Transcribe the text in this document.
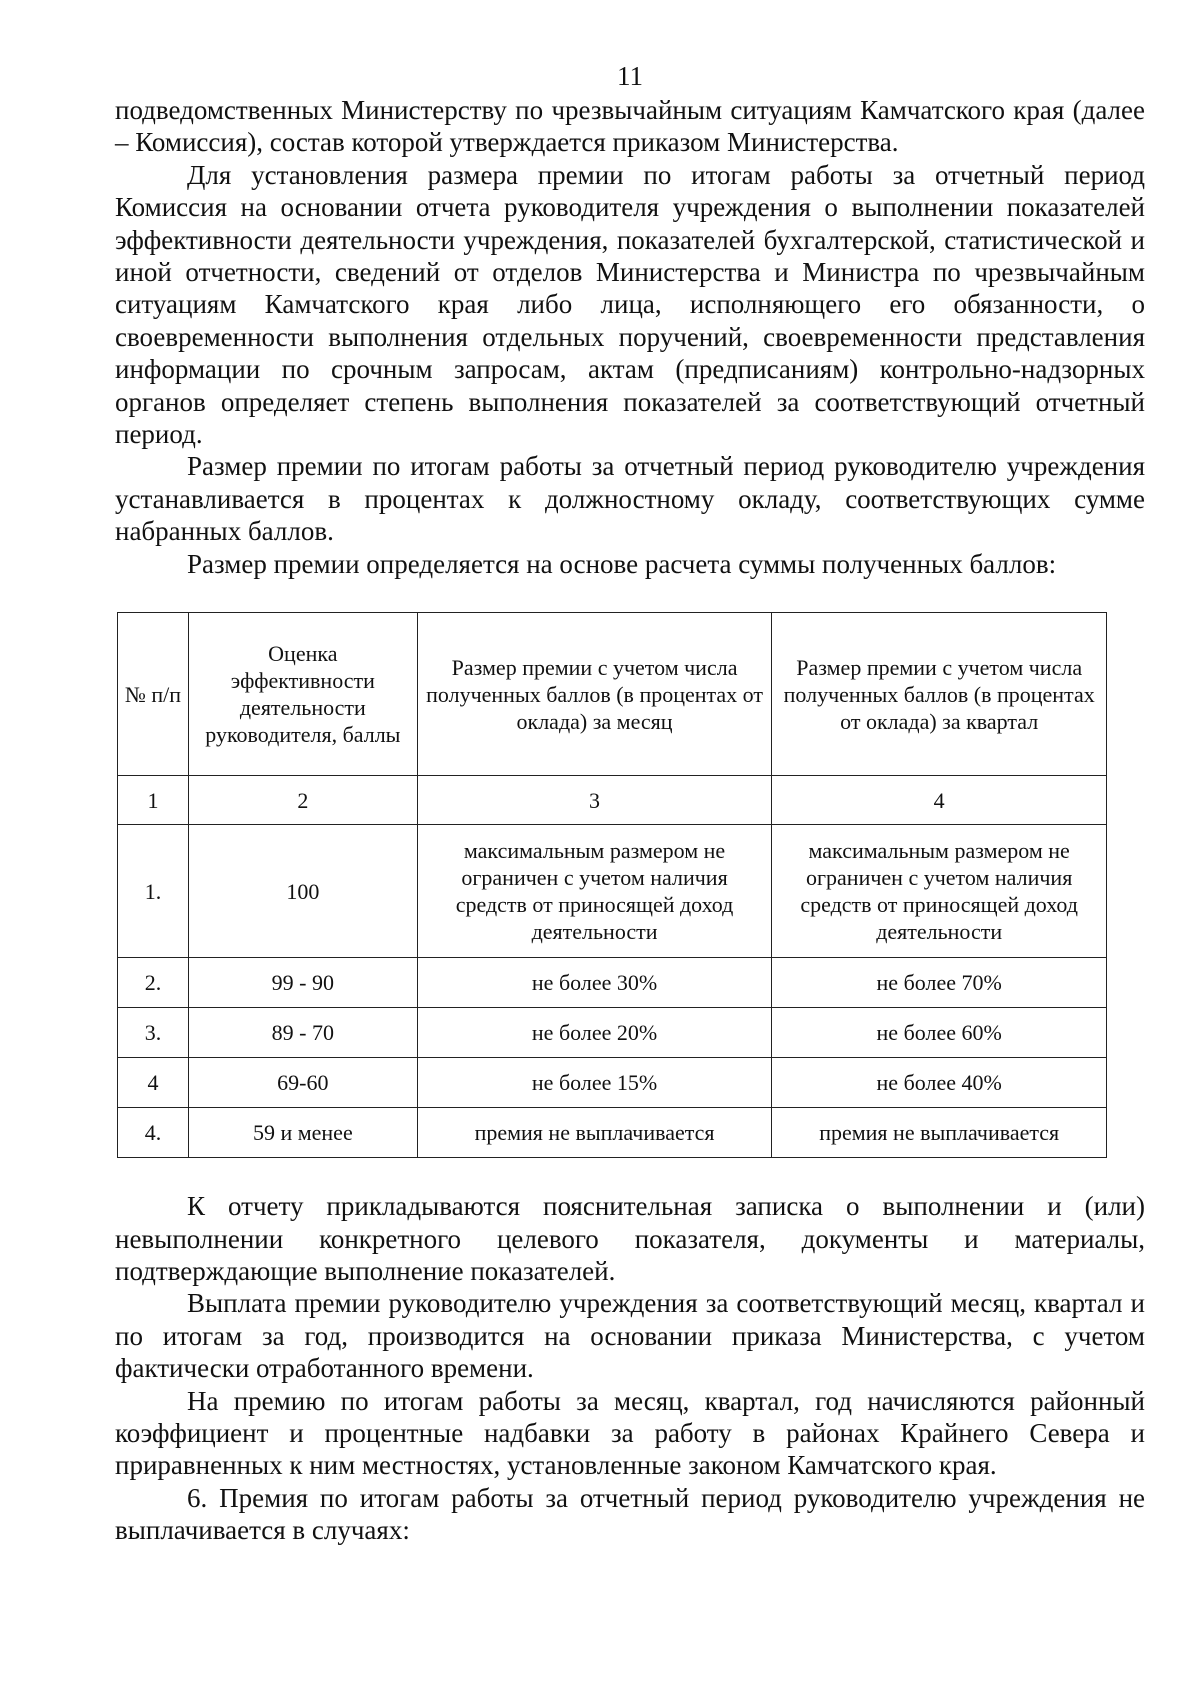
11

подведомственных Министерству по чрезвычайным ситуациям Камчатского края (далее – Комиссия), состав которой утверждается приказом Министерства.

Для установления размера премии по итогам работы за отчетный период Комиссия на основании отчета руководителя учреждения о выполнении показателей эффективности деятельности учреждения, показателей бухгалтерской, статистической и иной отчетности, сведений от отделов Министерства и Министра по чрезвычайным ситуациям Камчатского края либо лица, исполняющего его обязанности, о своевременности выполнения отдельных поручений, своевременности представления информации по срочным запросам, актам (предписаниям) контрольно-надзорных органов определяет степень выполнения показателей за соответствующий отчетный период.

Размер премии по итогам работы за отчетный период руководителю учреждения устанавливается в процентах к должностному окладу, соответствующих сумме набранных баллов.

Размер премии определяется на основе расчета суммы полученных баллов:

№ п/п	Оценка эффективности деятельности руководителя, баллы	Размер премии с учетом числа полученных баллов (в процентах от оклада) за месяц	Размер премии с учетом числа полученных баллов (в процентах от оклада) за квартал
1	2	3	4
1.	100	максимальным размером не ограничен с учетом наличия средств от приносящей доход деятельности	максимальным размером не ограничен с учетом наличия средств от приносящей доход деятельности
2.	99 - 90	не более 30%	не более 70%
3.	89 - 70	не более 20%	не более 60%
4	69-60	не более 15%	не более 40%
4.	59 и менее	премия не выплачивается	премия не выплачивается

К отчету прикладываются пояснительная записка о выполнении и (или) невыполнении конкретного целевого показателя, документы и материалы, подтверждающие выполнение показателей.

Выплата премии руководителю учреждения за соответствующий месяц, квартал и по итогам за год, производится на основании приказа Министерства, с учетом фактически отработанного времени.

На премию по итогам работы за месяц, квартал, год начисляются районный коэффициент и процентные надбавки за работу в районах Крайнего Севера и приравненных к ним местностях, установленные законом Камчатского края.

6. Премия по итогам работы за отчетный период руководителю учреждения не выплачивается в случаях:
